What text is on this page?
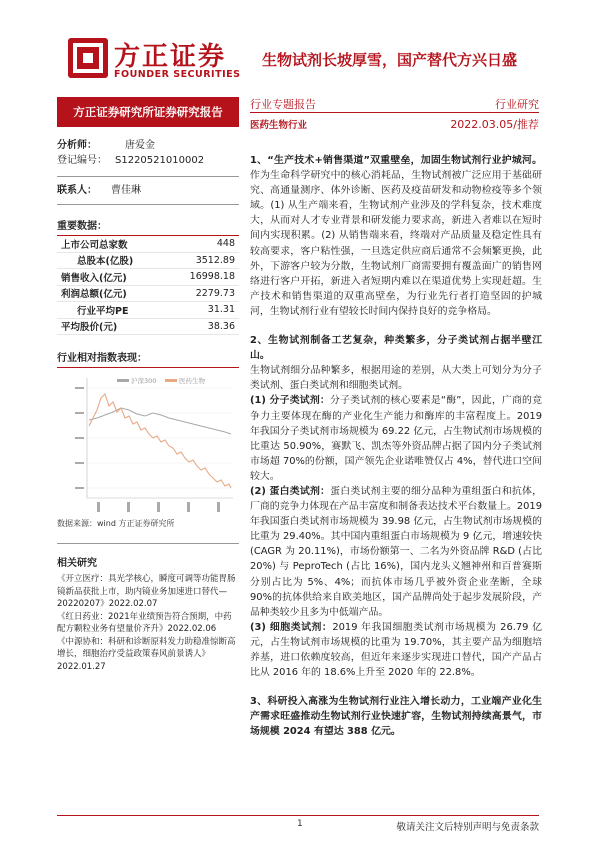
方正证券
FOUNDER SECURITIES
生物试剂长坡厚雪，国产替代方兴日盛
方正证券研究所证券研究报告
行业专题报告	行业研究
医药生物行业	2022.03.05/推荐
分析师：	唐爱金
登记编号： S1220521010002
联系人：	曹佳琳
重要数据：
上市公司总家数	448
总股本(亿股)	3512.89
销售收入(亿元)	16998.18
利润总额(亿元)	2279.73
行业平均PE	31.31
平均股价(元)	38.36
行业相对指数表现：
沪深300	医药生物
数据来源：wind 方正证券研究所
相关研究
《开立医疗：具光学核心，瞬度可调等功能胃肠镜新品获批上市，助内镜业务加速进口替代—20220207》2022.02.07
《红日药业：2021年业绩预告符合预期，中药配方颗粒业务有望量价齐升》2022.02.06
《中源协和：科研和诊断原料发力助稳准惊断高增长，细胞治疗受益政策春风前景诱人》2022.01.27

1、“生产技术+销售渠道”双重壁垒，加固生物试剂行业护城河。作为生命科学研究中的核心消耗品，生物试剂被广泛应用于基础研究、高通量测序、体外诊断、医药及疫苗研发和动物检疫等多个领域。(1) 从生产端来看，生物试剂产业涉及的学科复杂，技术难度大，从而对人才专业背景和研发能力要求高，新进入者难以在短时间内实现积累。(2) 从销售端来看，终端对产品质量及稳定性具有较高要求，客户粘性强，一旦选定供应商后通常不会频繁更换，此外，下游客户较为分散，生物试剂厂商需要拥有覆盖面广的销售网络进行客户开拓，新进入者短期内难以在渠道优势上实现赶超。生产技术和销售渠道的双重高壁垒，为行业先行者打造坚固的护城河，生物试剂行业有望较长时间内保持良好的竞争格局。

2、生物试剂制备工艺复杂，种类繁多，分子类试剂占据半壁江山。

生物试剂细分品种繁多，根据用途的差别，从大类上可划分为分子类试剂、蛋白类试剂和细胞类试剂。

(1) 分子类试剂：分子类试剂的核心要素是“酶”，因此，广商的竞争力主要体现在酶的产业化生产能力和酶库的丰富程度上。2019 年我国分子类试剂市场规模为 69.22 亿元，占生物试剂市场规模的比重达 50.90%，赛默飞、凯杰等外资品牌占据了国内分子类试剂市场超 70%的份额，国产领先企业诺唯赞仅占 4%，替代进口空间较大。

(2) 蛋白类试剂：蛋白类试剂主要的细分品种为重组蛋白和抗体，厂商的竞争力体现在产品丰富度和制备表达技术平台数量上。2019 年我国蛋白类试剂市场规模为 39.98 亿元，占生物试剂市场规模的比重为 29.40%。其中国内重组蛋白市场规模为 9 亿元，增速较快 (CAGR 为 20.11%)，市场份额第一、二名为外资品牌 R&D (占比 20%) 与 PeproTech (占比 16%)，国内龙头义翘神州和百普赛斯分别占比为 5%、4%；而抗体市场几乎被外资企业垄断，全球 90%的抗体供给来自欧美地区，国产品牌尚处于起步发展阶段，产品种类较少且多为中低端产品。

(3) 细胞类试剂：2019 年我国细胞类试剂市场规模为 26.79 亿元，占生物试剂市场规模的比重为 19.70%，其主要产品为细胞培养基，进口依赖度较高，但近年来逐步实现进口替代，国产产品占比从 2016 年的 18.6%上升至 2020 年的 22.8%。

3、科研投入高涨为生物试剂行业注入增长动力，工业端产业化生产需求旺盛推动生物试剂行业快速扩容，生物试剂持续高景气，市场规模 2024 有望达 388 亿元。

1	敬请关注文后特别声明与免责条款
